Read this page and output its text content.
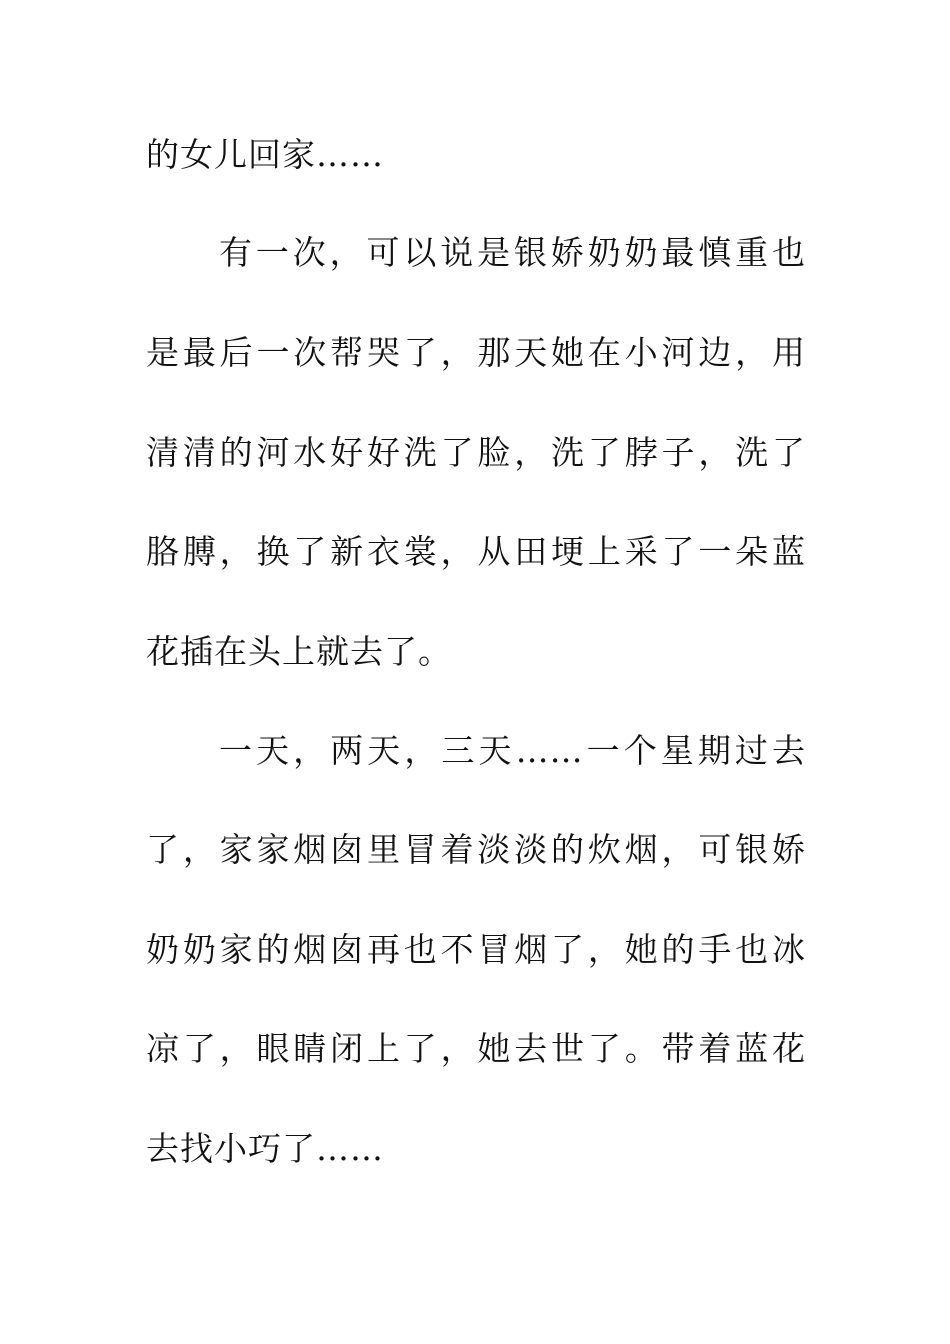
的女儿回家……
有一次，可以说是银娇奶奶最慎重也
是最后一次帮哭了，那天她在小河边，用
清清的河水好好洗了脸，洗了脖子，洗了
胳膊，换了新衣裳，从田埂上采了一朵蓝
花插在头上就去了。
一天，两天，三天……一个星期过去
了，家家烟囱里冒着淡淡的炊烟，可银娇
奶奶家的烟囱再也不冒烟了，她的手也冰
凉了，眼睛闭上了，她去世了。带着蓝花
去找小巧了……
